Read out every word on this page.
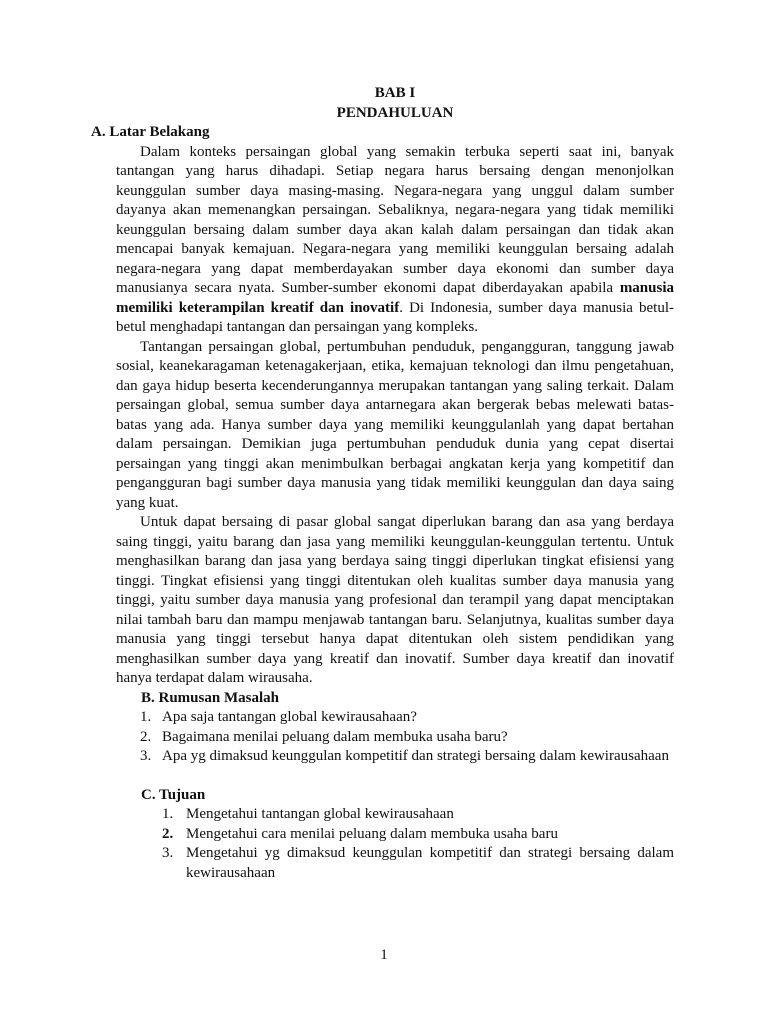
BAB I
PENDAHULUAN
A. Latar Belakang

Dalam konteks persaingan global yang semakin terbuka seperti saat ini, banyak tantangan yang harus dihadapi. Setiap negara harus bersaing dengan menonjolkan keunggulan sumber daya masing-masing. Negara-negara yang unggul dalam sumber dayanya akan memenangkan persaingan. Sebaliknya, negara-negara yang tidak memiliki keunggulan bersaing dalam sumber daya akan kalah dalam persaingan dan tidak akan mencapai banyak kemajuan. Negara-negara yang memiliki keunggulan bersaing adalah negara-negara yang dapat memberdayakan sumber daya ekonomi dan sumber daya manusianya secara nyata. Sumber-sumber ekonomi dapat diberdayakan apabila manusia memiliki keterampilan kreatif dan inovatif. Di Indonesia, sumber daya manusia betul-betul menghadapi tantangan dan persaingan yang kompleks.

Tantangan persaingan global, pertumbuhan penduduk, pengangguran, tanggung jawab sosial, keanekaragaman ketenagakerjaan, etika, kemajuan teknologi dan ilmu pengetahuan, dan gaya hidup beserta kecenderungannya merupakan tantangan yang saling terkait. Dalam persaingan global, semua sumber daya antarnegara akan bergerak bebas melewati batas-batas yang ada. Hanya sumber daya yang memiliki keunggulanlah yang dapat bertahan dalam persaingan. Demikian juga pertumbuhan penduduk dunia yang cepat disertai persaingan yang tinggi akan menimbulkan berbagai angkatan kerja yang kompetitif dan pengangguran bagi sumber daya manusia yang tidak memiliki keunggulan dan daya saing yang kuat.

Untuk dapat bersaing di pasar global sangat diperlukan barang dan asa yang berdaya saing tinggi, yaitu barang dan jasa yang memiliki keunggulan-keunggulan tertentu. Untuk menghasilkan barang dan jasa yang berdaya saing tinggi diperlukan tingkat efisiensi yang tinggi. Tingkat efisiensi yang tinggi ditentukan oleh kualitas sumber daya manusia yang tinggi, yaitu sumber daya manusia yang profesional dan terampil yang dapat menciptakan nilai tambah baru dan mampu menjawab tantangan baru. Selanjutnya, kualitas sumber daya manusia yang tinggi tersebut hanya dapat ditentukan oleh sistem pendidikan yang menghasilkan sumber daya yang kreatif dan inovatif. Sumber daya kreatif dan inovatif hanya terdapat dalam wirausaha.

B. Rumusan Masalah
1. Apa saja tantangan global kewirausahaan?
2. Bagaimana menilai peluang dalam membuka usaha baru?
3. Apa yg dimaksud keunggulan kompetitif dan strategi bersaing dalam kewirausahaan
C. Tujuan
1. Mengetahui tantangan global kewirausahaan
2. Mengetahui cara menilai peluang dalam membuka usaha baru
3. Mengetahui yg dimaksud keunggulan kompetitif dan strategi bersaing dalam kewirausahaan
1
